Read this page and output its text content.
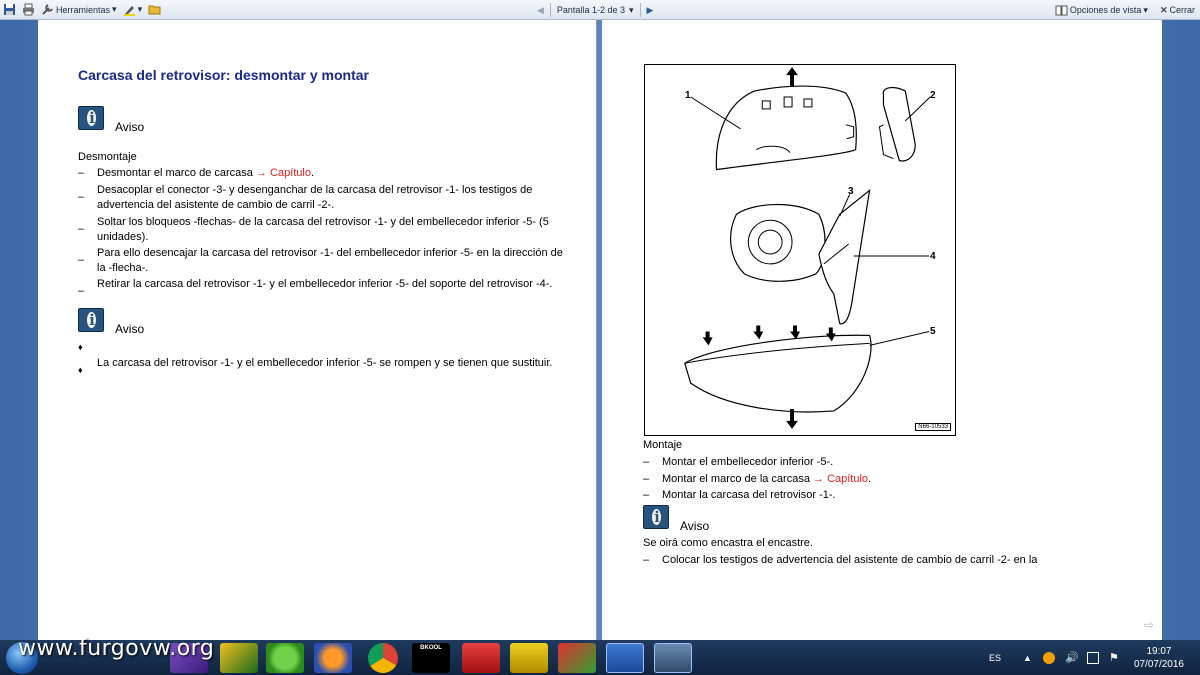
Herramientas ▾ ▾	◀ Pantalla 1-2 de 3 ▾ ▶	Opciones de vista ▾ ✕ Cerrar
Carcasa del retrovisor: desmontar y montar
i
Aviso
Desmontaje
–	Desmontar el marco de carcasa → Capítulo.
–
Desacoplar el conector -3- y desenganchar de la carcasa del retrovisor -1- los testigos de advertencia del asistente de cambio de carril -2-.
–
Soltar los bloqueos -flechas- de la carcasa del retrovisor -1- y del embellecedor inferior -5- (5 unidades).
–
Para ello desencajar la carcasa del retrovisor -1- del embellecedor inferior -5- en la dirección de la -flecha-.
–
Retirar la carcasa del retrovisor -1- y el embellecedor inferior -5- del soporte del retrovisor -4-.
i
Aviso
♦
♦
La carcasa del retrovisor -1- y el embellecedor inferior -5- se rompen y se tienen que sustituir.
1	2
3
4
5
N66-10533
Montaje
–	Montar el embellecedor inferior -5-.
–	Montar el marco de la carcasa → Capítulo.
–	Montar la carcasa del retrovisor -1-.
i
Aviso
Se oirá como encastra el encastre.
–	Colocar los testigos de advertencia del asistente de cambio de carril -2- en la
⇨
BKOOL
ES ▲	🔊	⚑
19:07
07/07/2016
www.furgovw.org
